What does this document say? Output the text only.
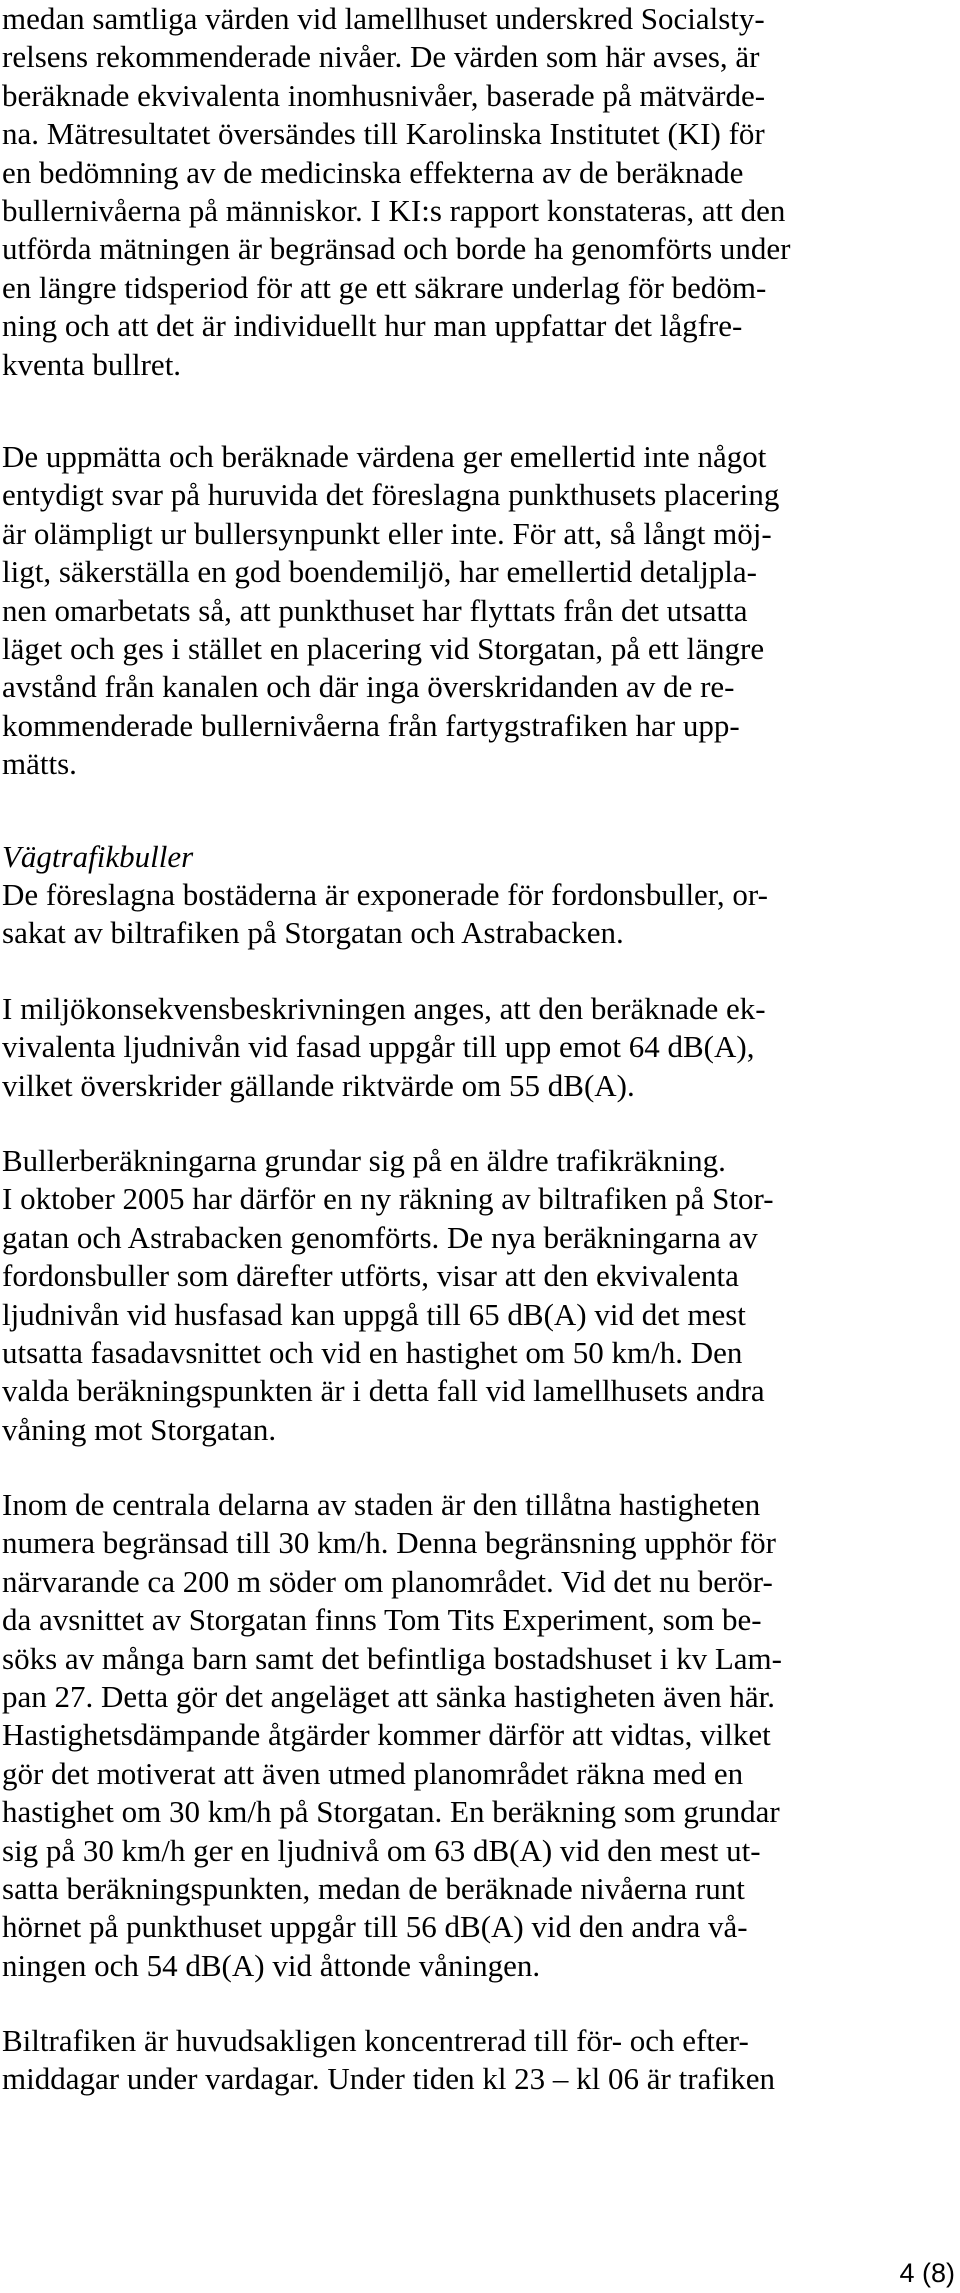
medan samtliga värden vid lamellhuset underskred Socialsty-
relsens rekommenderade nivåer. De värden som här avses, är
beräknade ekvivalenta inomhusnivåer, baserade på mätvärde-
na. Mätresultatet översändes till Karolinska Institutet (KI) för
en bedömning av de medicinska effekterna av de beräknade
bullernivåerna på människor. I KI:s rapport konstateras, att den
utförda mätningen är begränsad och borde ha genomförts under
en längre tidsperiod för att ge ett säkrare underlag för bedöm-
ning och att det är individuellt hur man uppfattar det lågfre-
kventa bullret.
De uppmätta och beräknade värdena ger emellertid inte något
entydigt svar på huruvida det föreslagna punkthusets placering
är olämpligt ur bullersynpunkt eller inte. För att, så långt möj-
ligt, säkerställa en god boendemiljö, har emellertid detaljpla-
nen omarbetats så, att punkthuset har flyttats från det utsatta
läget och ges i stället en placering vid Storgatan, på ett längre
avstånd från kanalen och där inga överskridanden av de re-
kommenderade bullernivåerna från fartygstrafiken har upp-
mätts.
Vägtrafikbuller
De föreslagna bostäderna är exponerade för fordonsbuller, or-
sakat av biltrafiken på Storgatan och Astrabacken.
I miljökonsekvensbeskrivningen anges, att den beräknade ek-
vivalenta ljudnivån vid fasad uppgår till upp emot 64 dB(A),
vilket överskrider gällande riktvärde om 55 dB(A).
Bullerberäkningarna grundar sig på en äldre trafikräkning.
I oktober 2005 har därför en ny räkning av biltrafiken på Stor-
gatan och Astrabacken genomförts. De nya beräkningarna av
fordonsbuller som därefter utförts, visar att den ekvivalenta
ljudnivån vid husfasad kan uppgå till 65 dB(A) vid det mest
utsatta fasadavsnittet och vid en hastighet om 50 km/h. Den
valda beräkningspunkten är i detta fall vid lamellhusets andra
våning mot Storgatan.
Inom de centrala delarna av staden är den tillåtna hastigheten
numera begränsad till 30 km/h. Denna begränsning upphör för
närvarande ca 200 m söder om planområdet. Vid det nu berör-
da avsnittet av Storgatan finns Tom Tits Experiment, som be-
söks av många barn samt det befintliga bostadshuset i kv Lam-
pan 27. Detta gör det angeläget att sänka hastigheten även här.
Hastighetsdämpande åtgärder kommer därför att vidtas, vilket
gör det motiverat att även utmed planområdet räkna med en
hastighet om 30 km/h på Storgatan. En beräkning som grundar
sig på 30 km/h ger en ljudnivå om 63 dB(A) vid den mest ut-
satta beräkningspunkten, medan de beräknade nivåerna runt
hörnet på punkthuset uppgår till 56 dB(A) vid den andra vå-
ningen och 54 dB(A) vid åttonde våningen.
Biltrafiken är huvudsakligen koncentrerad till för- och efter-
middagar under vardagar. Under tiden kl 23 – kl 06 är trafiken
4 (8)
